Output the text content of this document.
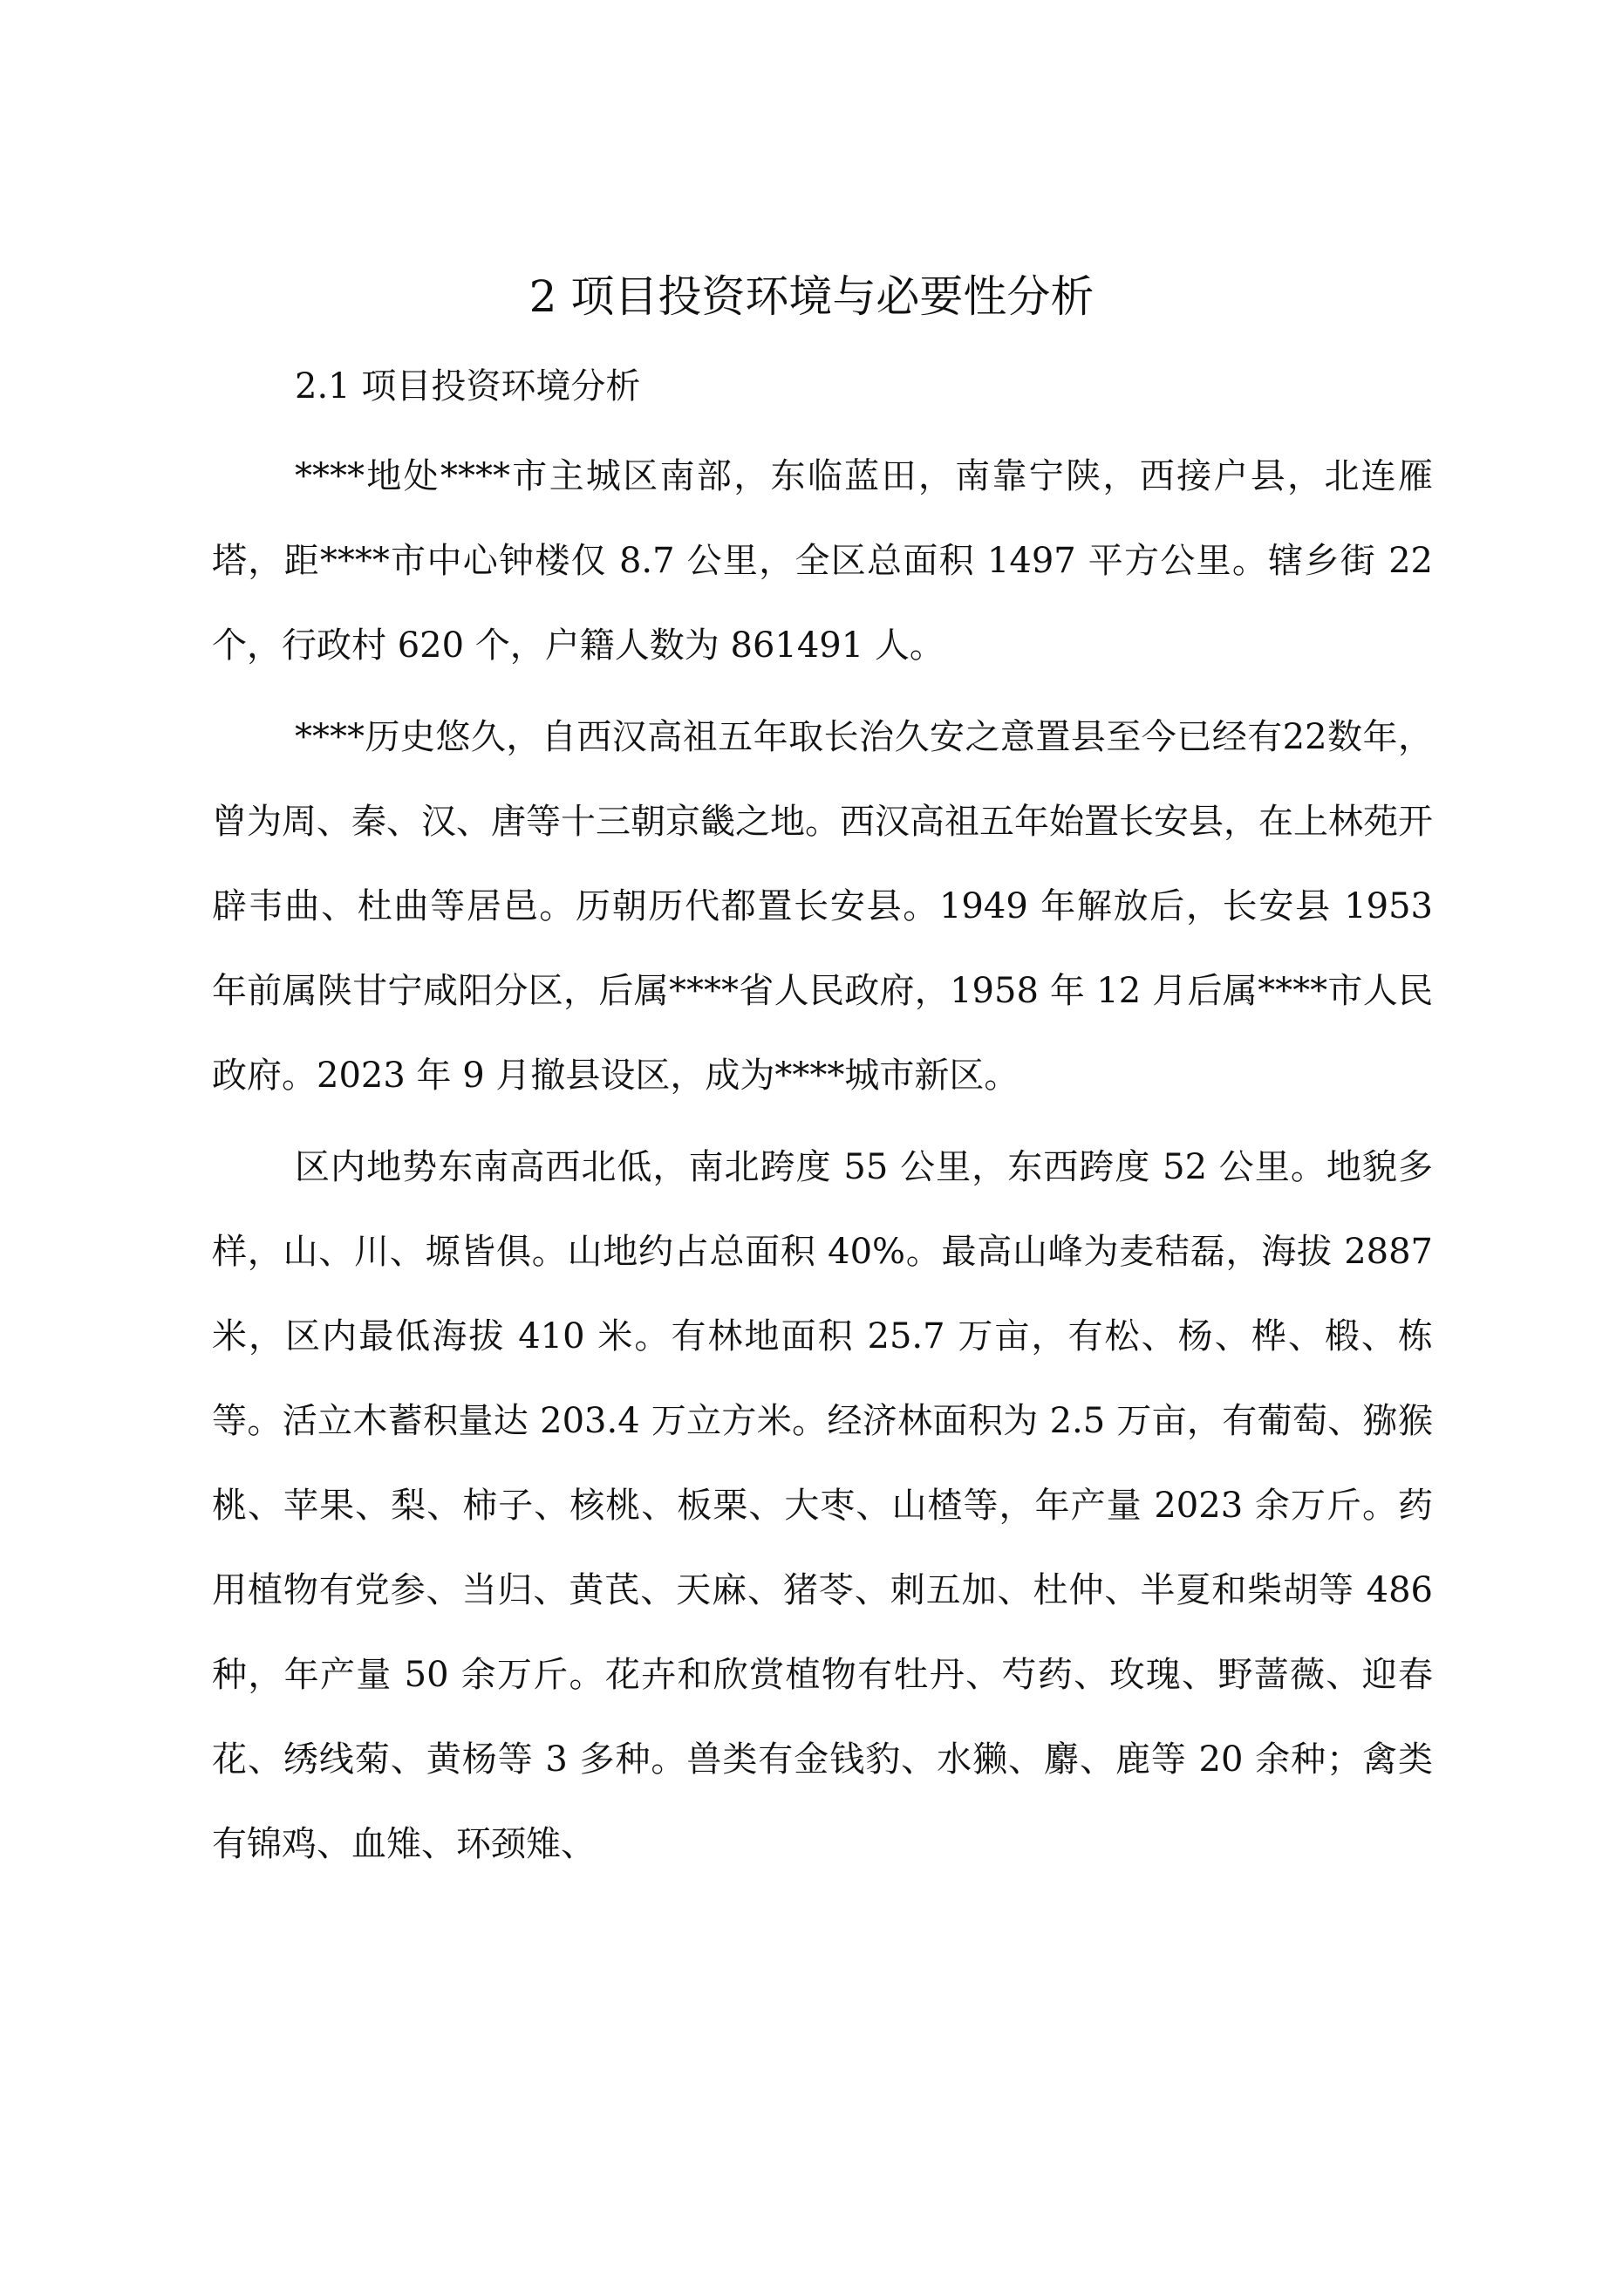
2 项目投资环境与必要性分析
2.1 项目投资环境分析

****地处****市主城区南部，东临蓝田，南靠宁陕，西接户县，北连雁塔，距****市中心钟楼仅 8.7 公里，全区总面积 1497 平方公里。辖乡街 22 个，行政村 620 个，户籍人数为 861491 人。

****历史悠久，自西汉高祖五年取长治久安之意置县至今已经有22数年，曾为周、秦、汉、唐等十三朝京畿之地。西汉高祖五年始置长安县，在上林苑开辟韦曲、杜曲等居邑。历朝历代都置长安县。1949 年解放后，长安县 1953 年前属陕甘宁咸阳分区，后属****省人民政府，1958 年 12 月后属****市人民政府。2023 年 9 月撤县设区，成为****城市新区。

区内地势东南高西北低，南北跨度 55 公里，东西跨度 52 公里。地貌多样，山、川、塬皆俱。山地约占总面积 40%。最高山峰为麦秸磊，海拔 2887 米，区内最低海拔 410 米。有林地面积 25.7 万亩，有松、杨、桦、椴、栋等。活立木蓄积量达 203.4 万立方米。经济林面积为 2.5 万亩，有葡萄、猕猴桃、苹果、梨、柿子、核桃、板栗、大枣、山楂等，年产量 2023 余万斤。药用植物有党参、当归、黄芪、天麻、猪苓、刺五加、杜仲、半夏和柴胡等 486 种，年产量 50 余万斤。花卉和欣赏植物有牡丹、芍药、玫瑰、野蔷薇、迎春花、绣线菊、黄杨等 3 多种。兽类有金钱豹、水獭、麝、鹿等 20 余种；禽类有锦鸡、血雉、环颈雉、
